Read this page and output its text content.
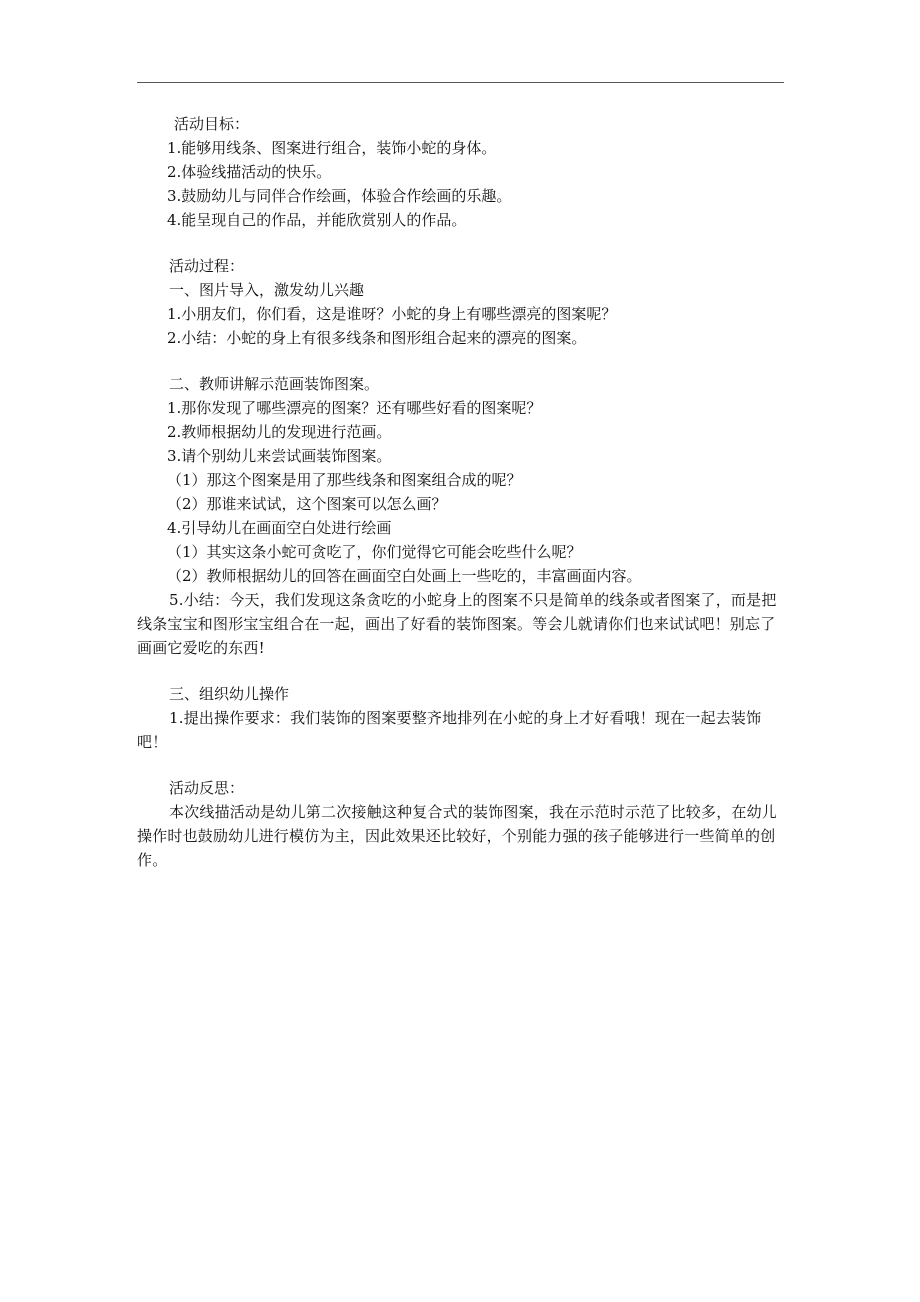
活动目标：
1.能够用线条、图案进行组合，装饰小蛇的身体。
2.体验线描活动的快乐。
3.鼓励幼儿与同伴合作绘画，体验合作绘画的乐趣。
4.能呈现自己的作品，并能欣赏别人的作品。
活动过程：
一、图片导入，激发幼儿兴趣
1.小朋友们，你们看，这是谁呀？小蛇的身上有哪些漂亮的图案呢？
2.小结：小蛇的身上有很多线条和图形组合起来的漂亮的图案。
二、教师讲解示范画装饰图案。
1.那你发现了哪些漂亮的图案？还有哪些好看的图案呢？
2.教师根据幼儿的发现进行范画。
3.请个别幼儿来尝试画装饰图案。
（1）那这个图案是用了那些线条和图案组合成的呢？
（2）那谁来试试，这个图案可以怎么画？
4.引导幼儿在画面空白处进行绘画
（1）其实这条小蛇可贪吃了，你们觉得它可能会吃些什么呢？
（2）教师根据幼儿的回答在画面空白处画上一些吃的，丰富画面内容。
5.小结：今天，我们发现这条贪吃的小蛇身上的图案不只是简单的线条或者图案了，而是把线条宝宝和图形宝宝组合在一起，画出了好看的装饰图案。等会儿就请你们也来试试吧！别忘了画画它爱吃的东西!
三、组织幼儿操作
1.提出操作要求：我们装饰的图案要整齐地排列在小蛇的身上才好看哦！现在一起去装饰吧！
活动反思：
本次线描活动是幼儿第二次接触这种复合式的装饰图案，我在示范时示范了比较多，在幼儿操作时也鼓励幼儿进行模仿为主，因此效果还比较好，个别能力强的孩子能够进行一些简单的创作。
